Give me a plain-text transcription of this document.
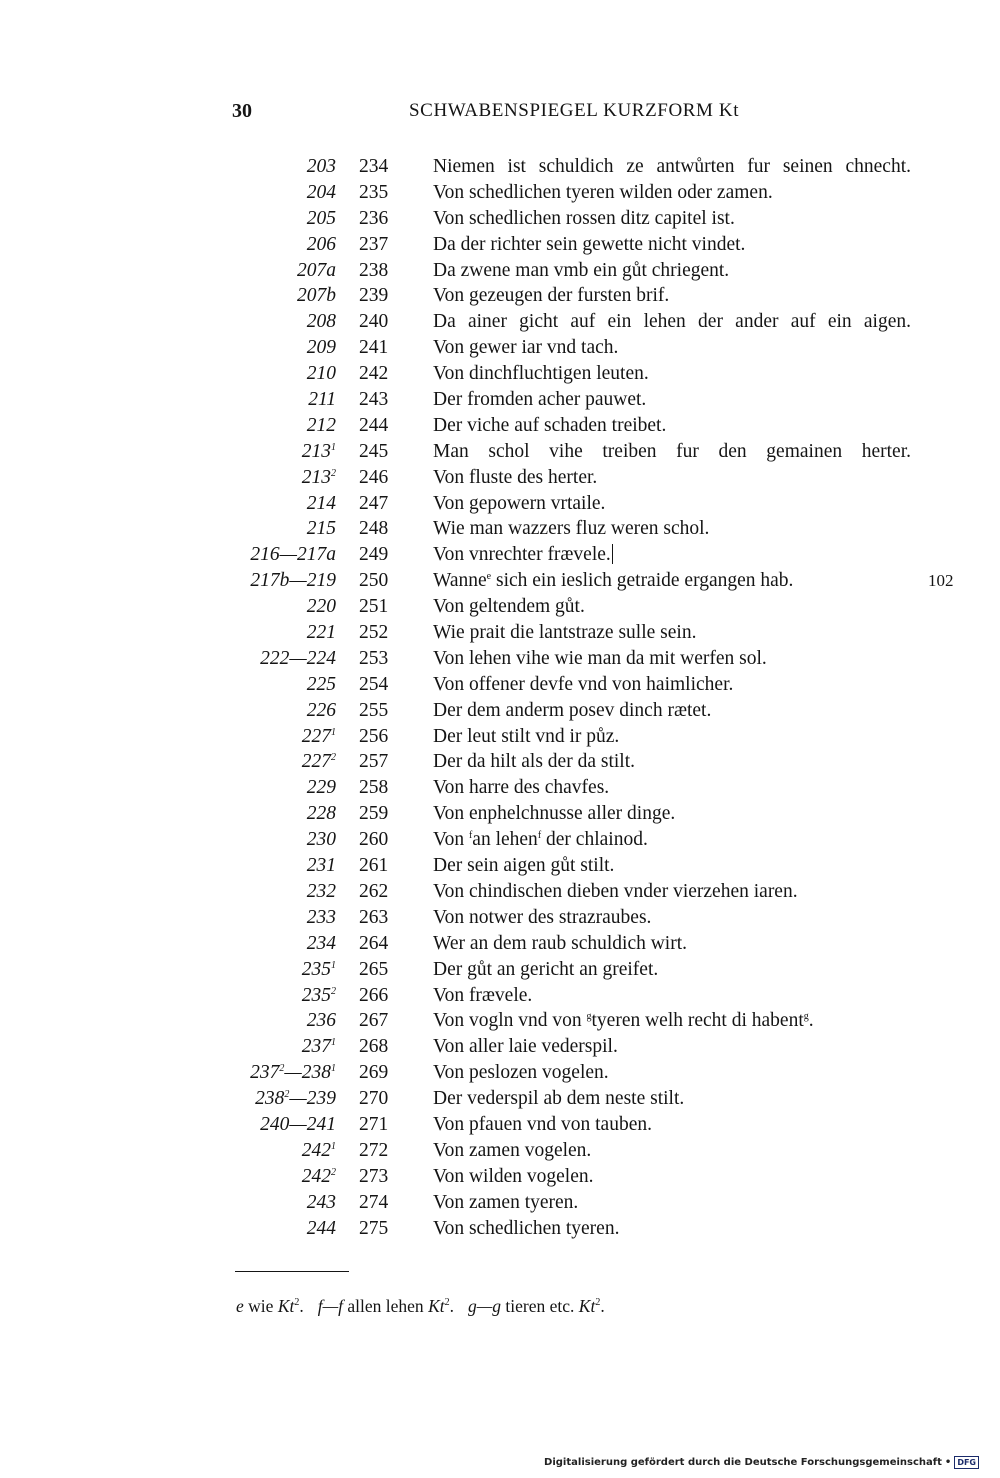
30	SCHWABENSPIEGEL KURZFORM Kt
203 234 Niemen ist schuldich ze antwůrten fur seinen chnecht.
204 235 Von schedlichen tyeren wilden oder zamen.
205 236 Von schedlichen rossen ditz capitel ist.
206 237 Da der richter sein gewette nicht vindet.
207a 238 Da zwene man vmb ein gůt chriegent.
207b 239 Von gezeugen der fursten brif.
208 240 Da ainer gicht auf ein lehen der ander auf ein aigen.
209 241 Von gewer iar vnd tach.
210 242 Von dinchfluchtigen leuten.
211 243 Der fromden acher pauwet.
212 244 Der viche auf schaden treibet.
$213^1$ 245 Man schol vihe treiben fur den gemainen herter.
$213^2$ 246 Von fluste des herter.
214 247 Von gepowern vrtaile.
215 248 Wie man wazzers fluz weren schol.
216—217a 249 Von vnrechter frævele.
217b—219 250 Wanne$^e$ sich ein ieslich getraide ergangen hab.	102
220 251 Von geltendem gůt.
221 252 Wie prait die lantstraze sulle sein.
222—224 253 Von lehen vihe wie man da mit werfen sol.
225 254 Von offener devfe vnd von haimlicher.
226 255 Der dem anderm posev dinch rætet.
$227^1$ 256 Der leut stilt vnd ir půz.
$227^2$ 257 Der da hilt als der da stilt.
229 258 Von harre des chavfes.
228 259 Von enphelchnusse aller dinge.
230 260 Von $^f$an lehen$^f$ der chlainod.
231 261 Der sein aigen gůt stilt.
232 262 Von chindischen dieben vnder vierzehen iaren.
233 263 Von notwer des strazraubes.
234 264 Wer an dem raub schuldich wirt.
$235^1$ 265 Der gůt an gericht an greifet.
$235^2$ 266 Von frævele.
236 267 Von vogln vnd von $^g$tyeren welh recht di habent$^g$.
$237^1$ 268 Von aller laie vederspil.
$237^2—238^1$ 269 Von peslozen vogelen.
$238^2—239$ 270 Der vederspil ab dem neste stilt.
240—241 271 Von pfauen vnd von tauben.
$242^1$ 272 Von zamen vogelen.
$242^2$ 273 Von wilden vogelen.
243 274 Von zamen tyeren.
244 275 Von schedlichen tyeren.
e wie Kt$^2$. f—f allen lehen Kt$^2$. g—g tieren etc. Kt$^2$.
Digitalisierung gefördert durch die Deutsche Forschungsgemeinschaft • DFG
